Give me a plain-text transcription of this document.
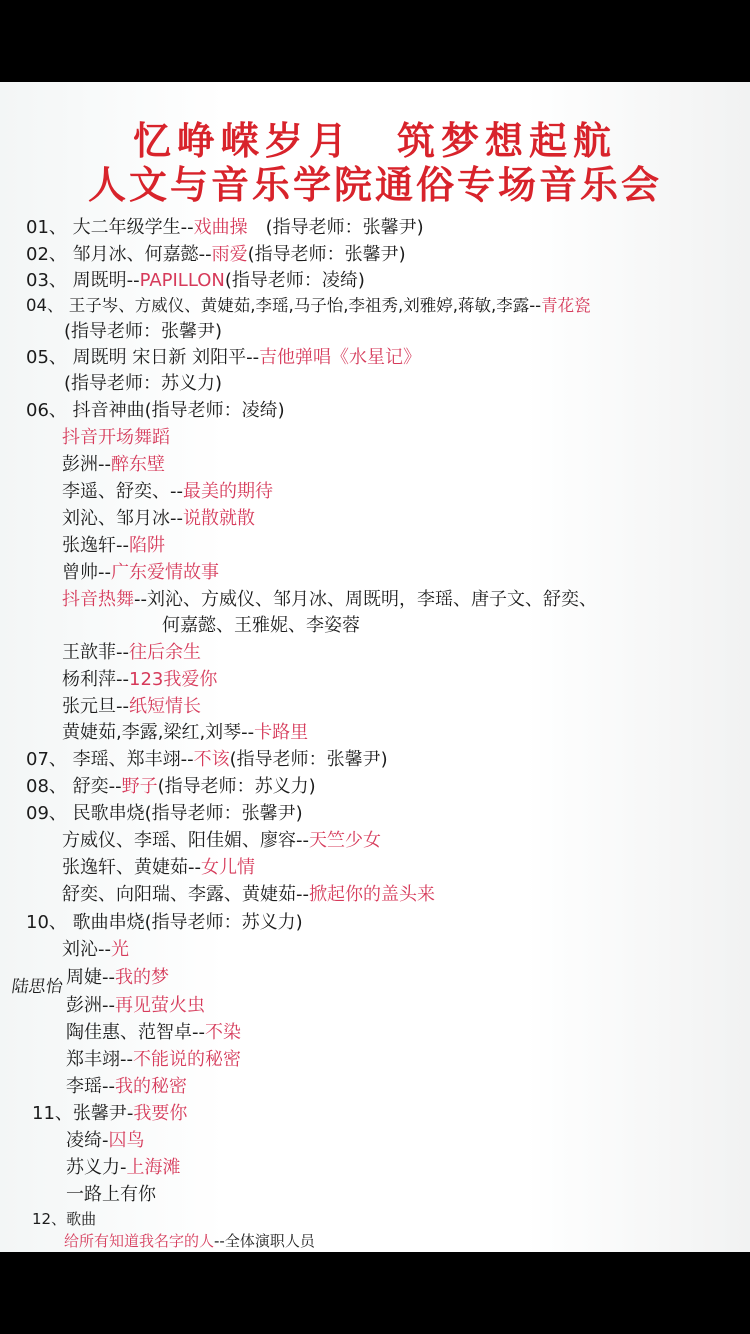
忆峥嵘岁月　筑梦想起航
人文与音乐学院通俗专场音乐会
01、 大二年级学生--戏曲操　(指导老师：张馨尹)
02、 邹月冰、何嘉懿--雨爱(指导老师：张馨尹)
03、 周既明--PAPILLON(指导老师：凌绮)
04、 王子岑、方威仪、黄婕茹,李瑶,马子怡,李祖秀,刘雅婷,蒋敏,李露--青花瓷
(指导老师：张馨尹)
05、 周既明 宋日新 刘阳平--吉他弹唱《水星记》
(指导老师：苏义力)
06、 抖音神曲(指导老师：凌绮)
抖音开场舞蹈
彭洲--醉东壁
李遥、舒奕、--最美的期待
刘沁、邹月冰--说散就散
张逸轩--陷阱
曾帅--广东爱情故事
抖音热舞--刘沁、方威仪、邹月冰、周既明，李瑶、唐子文、舒奕、
何嘉懿、王雅妮、李姿蓉
王歆菲--往后余生
杨利萍--123我爱你
张元旦--纸短情长
黄婕茹,李露,梁红,刘琴--卡路里
07、 李瑶、郑丰翊--不该(指导老师：张馨尹)
08、 舒奕--野子(指导老师：苏义力)
09、 民歌串烧(指导老师：张馨尹)
方威仪、李瑶、阳佳媚、廖容--天竺少女
张逸轩、黄婕茹--女儿情
舒奕、向阳瑞、李露、黄婕茹--掀起你的盖头来
10、 歌曲串烧(指导老师：苏义力)
刘沁--光
陆思怡 周婕--我的梦
彭洲--再见萤火虫
陶佳惠、范智卓--不染
郑丰翊--不能说的秘密
李瑶--我的秘密
11、张馨尹-我要你
凌绮-囚鸟
苏义力-上海滩
一路上有你
12、歌曲
给所有知道我名字的人--全体演职人员
